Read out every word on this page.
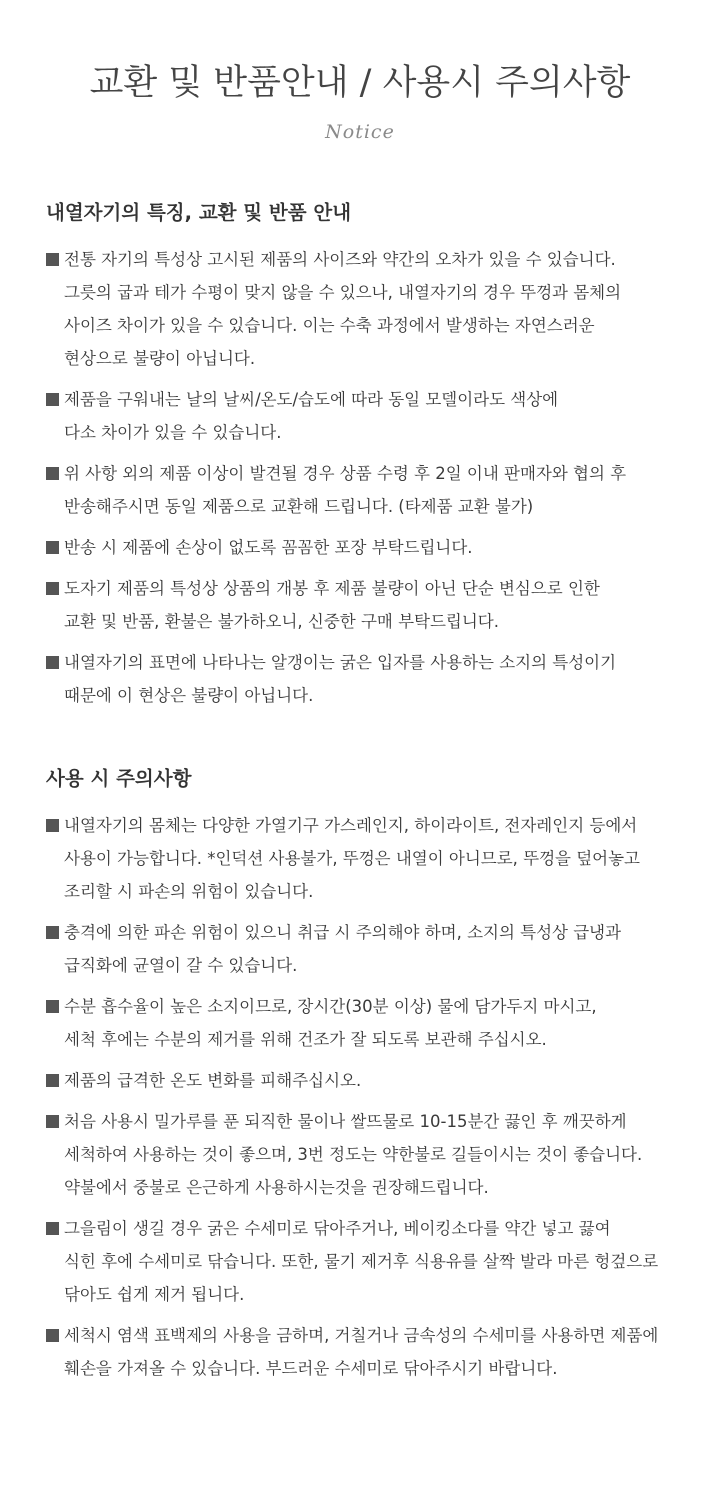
교환 및 반품안내 / 사용시 주의사항
Notice
내열자기의 특징, 교환 및 반품 안내
전통 자기의 특성상 고시된 제품의 사이즈와 약간의 오차가 있을 수 있습니다.
그릇의 굽과 테가 수평이 맞지 않을 수 있으나, 내열자기의 경우 뚜껑과 몸체의
사이즈 차이가 있을 수 있습니다. 이는 수축 과정에서 발생하는 자연스러운
현상으로 불량이 아닙니다.
제품을 구워내는 날의 날씨/온도/습도에 따라 동일 모델이라도 색상에
다소 차이가 있을 수 있습니다.
위 사항 외의 제품 이상이 발견될 경우 상품 수령 후 2일 이내 판매자와 협의 후
반송해주시면 동일 제품으로 교환해 드립니다. (타제품 교환 불가)
반송 시 제품에 손상이 없도록 꼼꼼한 포장 부탁드립니다.
도자기 제품의 특성상 상품의 개봉 후 제품 불량이 아닌 단순 변심으로 인한
교환 및 반품, 환불은 불가하오니, 신중한 구매 부탁드립니다.
내열자기의 표면에 나타나는 알갱이는 굵은 입자를 사용하는 소지의 특성이기
때문에 이 현상은 불량이 아닙니다.
사용 시 주의사항
내열자기의 몸체는 다양한 가열기구 가스레인지, 하이라이트, 전자레인지 등에서
사용이 가능합니다. *인덕션 사용불가, 뚜껑은 내열이 아니므로, 뚜껑을 덮어놓고
조리할 시 파손의 위험이 있습니다.
충격에 의한 파손 위험이 있으니 취급 시 주의해야 하며, 소지의 특성상 급냉과
급직화에 균열이 갈 수 있습니다.
수분 흡수율이 높은 소지이므로, 장시간(30분 이상) 물에 담가두지 마시고,
세척 후에는 수분의 제거를 위해 건조가 잘 되도록 보관해 주십시오.
제품의 급격한 온도 변화를 피해주십시오.
처음 사용시 밀가루를 푼 되직한 물이나 쌀뜨물로 10-15분간 끓인 후 깨끗하게
세척하여 사용하는 것이 좋으며, 3번 정도는 약한불로 길들이시는 것이 좋습니다.
약불에서 중불로 은근하게 사용하시는것을 권장해드립니다.
그을림이 생길 경우 굵은 수세미로 닦아주거나, 베이킹소다를 약간 넣고 끓여
식힌 후에 수세미로 닦습니다. 또한, 물기 제거후 식용유를 살짝 발라 마른 헝겊으로
닦아도 쉽게 제거 됩니다.
세척시 염색 표백제의 사용을 금하며, 거칠거나 금속성의 수세미를 사용하면 제품에
훼손을 가져올 수 있습니다. 부드러운 수세미로 닦아주시기 바랍니다.
